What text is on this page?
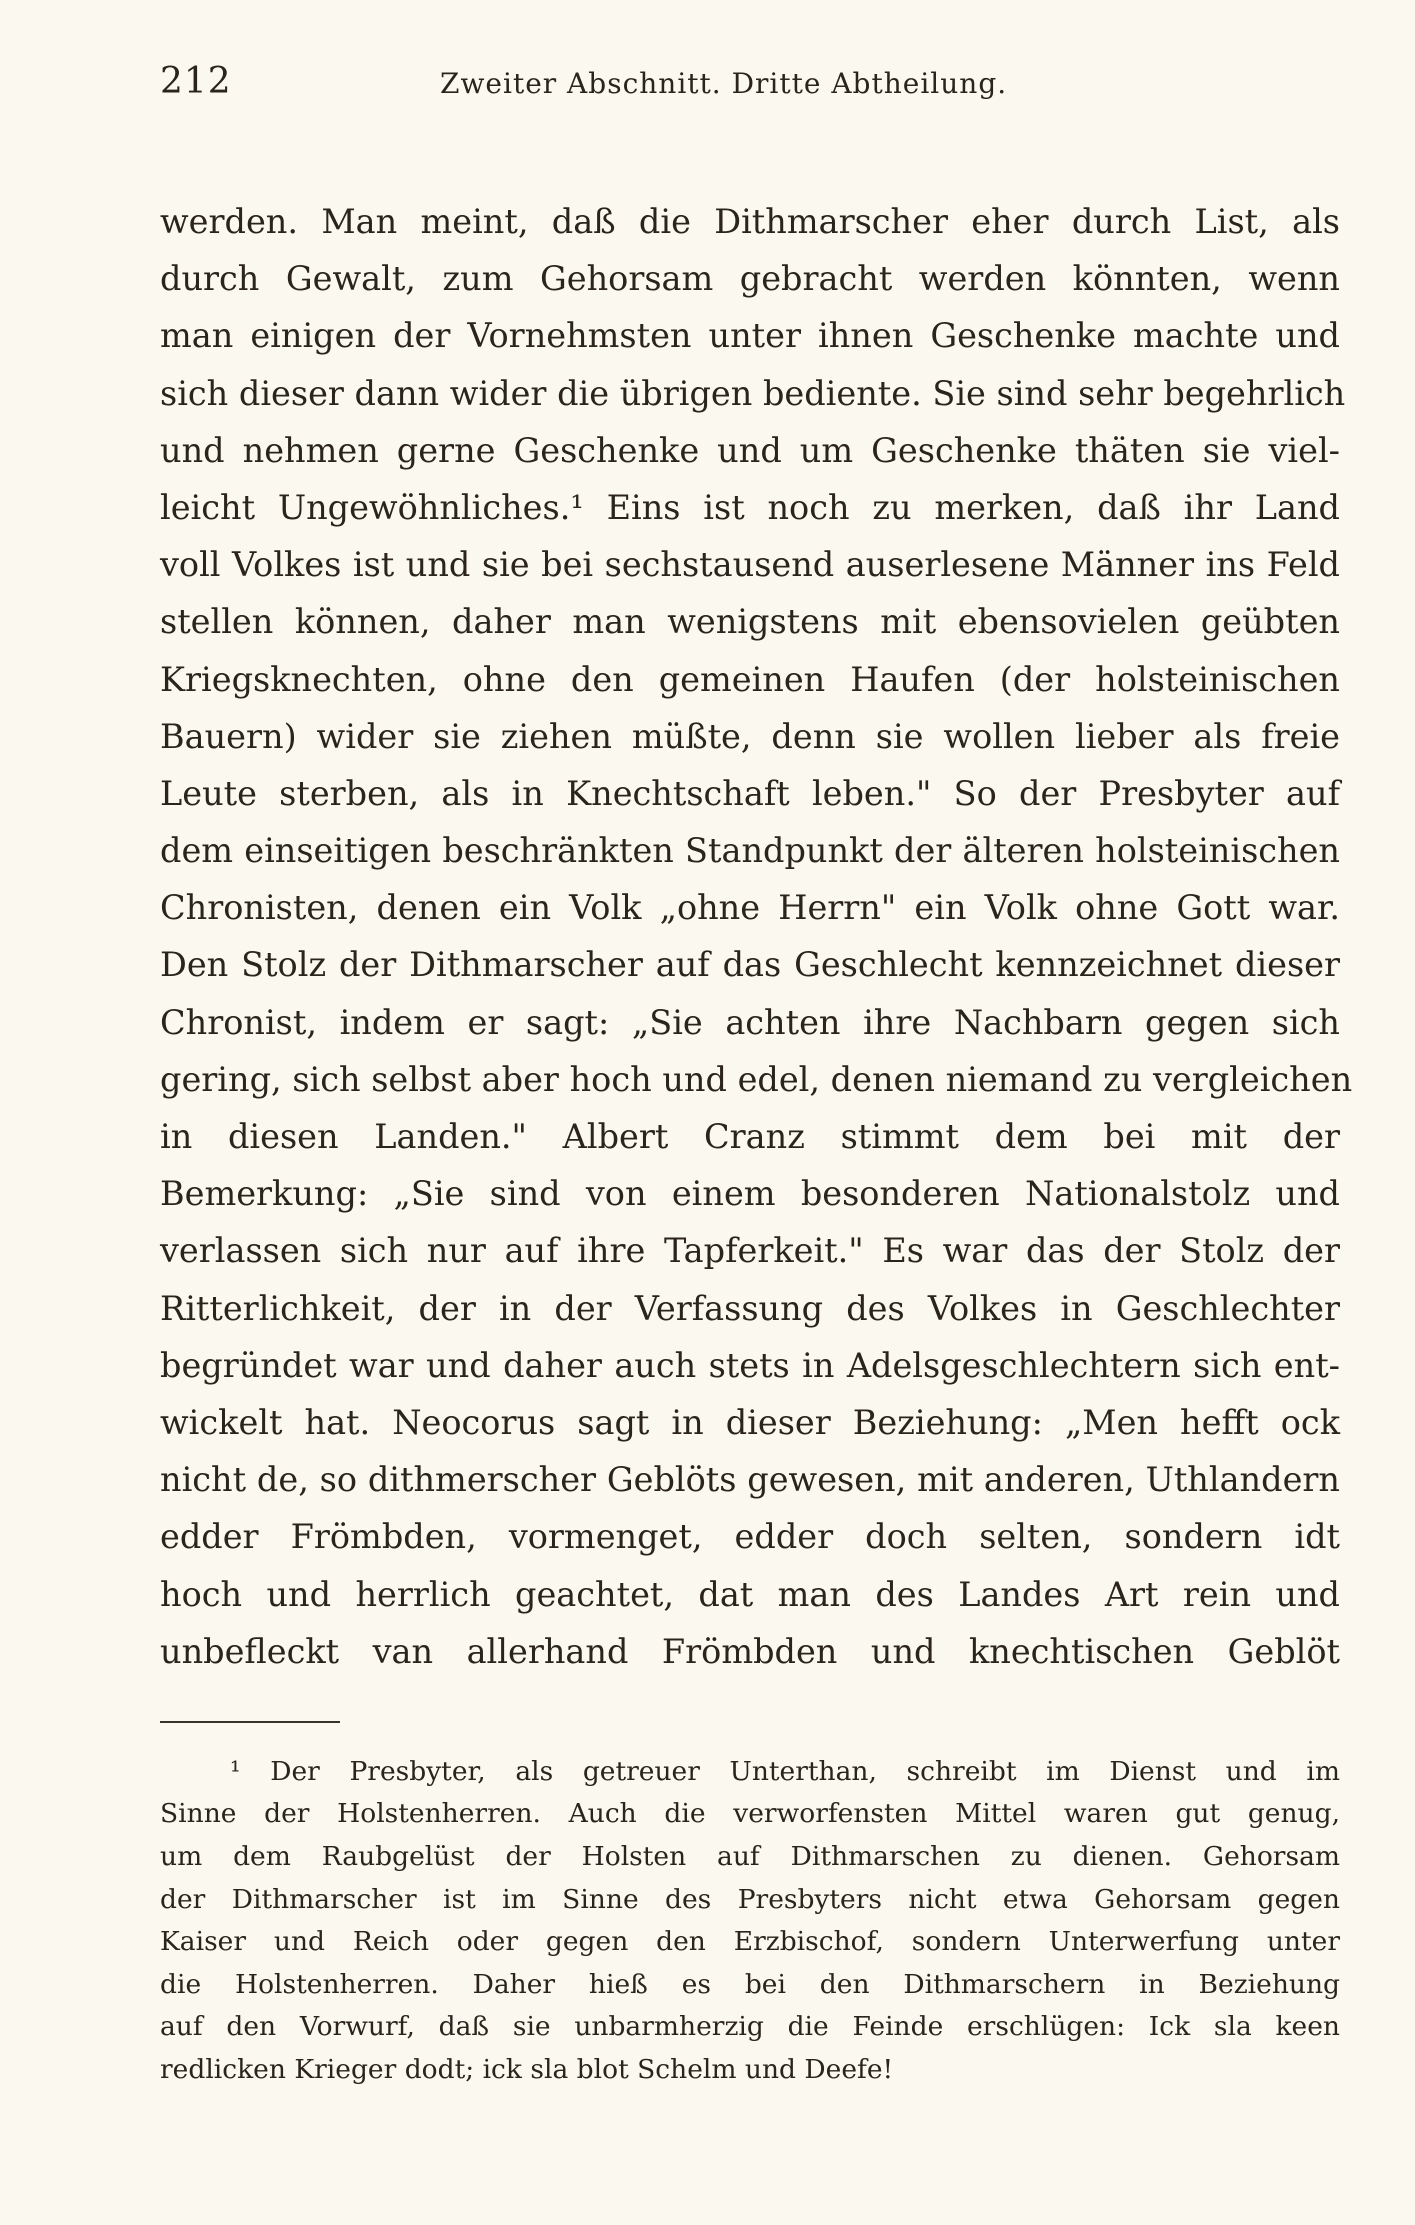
212	Zweiter Abschnitt. Dritte Abtheilung.
werden. Man meint, daß die Dithmarscher eher durch List, als
durch Gewalt, zum Gehorsam gebracht werden könnten, wenn
man einigen der Vornehmsten unter ihnen Geschenke machte und
sich dieser dann wider die übrigen bediente. Sie sind sehr begehrlich
und nehmen gerne Geschenke und um Geschenke thäten sie viel-
leicht Ungewöhnliches.¹ Eins ist noch zu merken, daß ihr Land
voll Volkes ist und sie bei sechstausend auserlesene Männer ins Feld
stellen können, daher man wenigstens mit ebensovielen geübten
Kriegsknechten, ohne den gemeinen Haufen (der holsteinischen
Bauern) wider sie ziehen müßte, denn sie wollen lieber als freie
Leute sterben, als in Knechtschaft leben." So der Presbyter auf
dem einseitigen beschränkten Standpunkt der älteren holsteinischen
Chronisten, denen ein Volk „ohne Herrn" ein Volk ohne Gott war.
Den Stolz der Dithmarscher auf das Geschlecht kennzeichnet dieser
Chronist, indem er sagt: „Sie achten ihre Nachbarn gegen sich
gering, sich selbst aber hoch und edel, denen niemand zu vergleichen
in diesen Landen." Albert Cranz stimmt dem bei mit der
Bemerkung: „Sie sind von einem besonderen Nationalstolz und
verlassen sich nur auf ihre Tapferkeit." Es war das der Stolz der
Ritterlichkeit, der in der Verfassung des Volkes in Geschlechter
begründet war und daher auch stets in Adelsgeschlechtern sich ent-
wickelt hat. Neocorus sagt in dieser Beziehung: „Men hefft ock
nicht de, so dithmerscher Geblöts gewesen, mit anderen, Uthlandern
edder Frömbden, vormenget, edder doch selten, sondern idt
hoch und herrlich geachtet, dat man des Landes Art rein und
unbefleckt van allerhand Frömbden und knechtischen Geblöt
¹ Der Presbyter, als getreuer Unterthan, schreibt im Dienst und im
Sinne der Holstenherren. Auch die verworfensten Mittel waren gut genug,
um dem Raubgelüst der Holsten auf Dithmarschen zu dienen. Gehorsam
der Dithmarscher ist im Sinne des Presbyters nicht etwa Gehorsam gegen
Kaiser und Reich oder gegen den Erzbischof, sondern Unterwerfung unter
die Holstenherren. Daher hieß es bei den Dithmarschern in Beziehung
auf den Vorwurf, daß sie unbarmherzig die Feinde erschlügen: Ick sla keen
redlicken Krieger dodt; ick sla blot Schelm und Deefe!
